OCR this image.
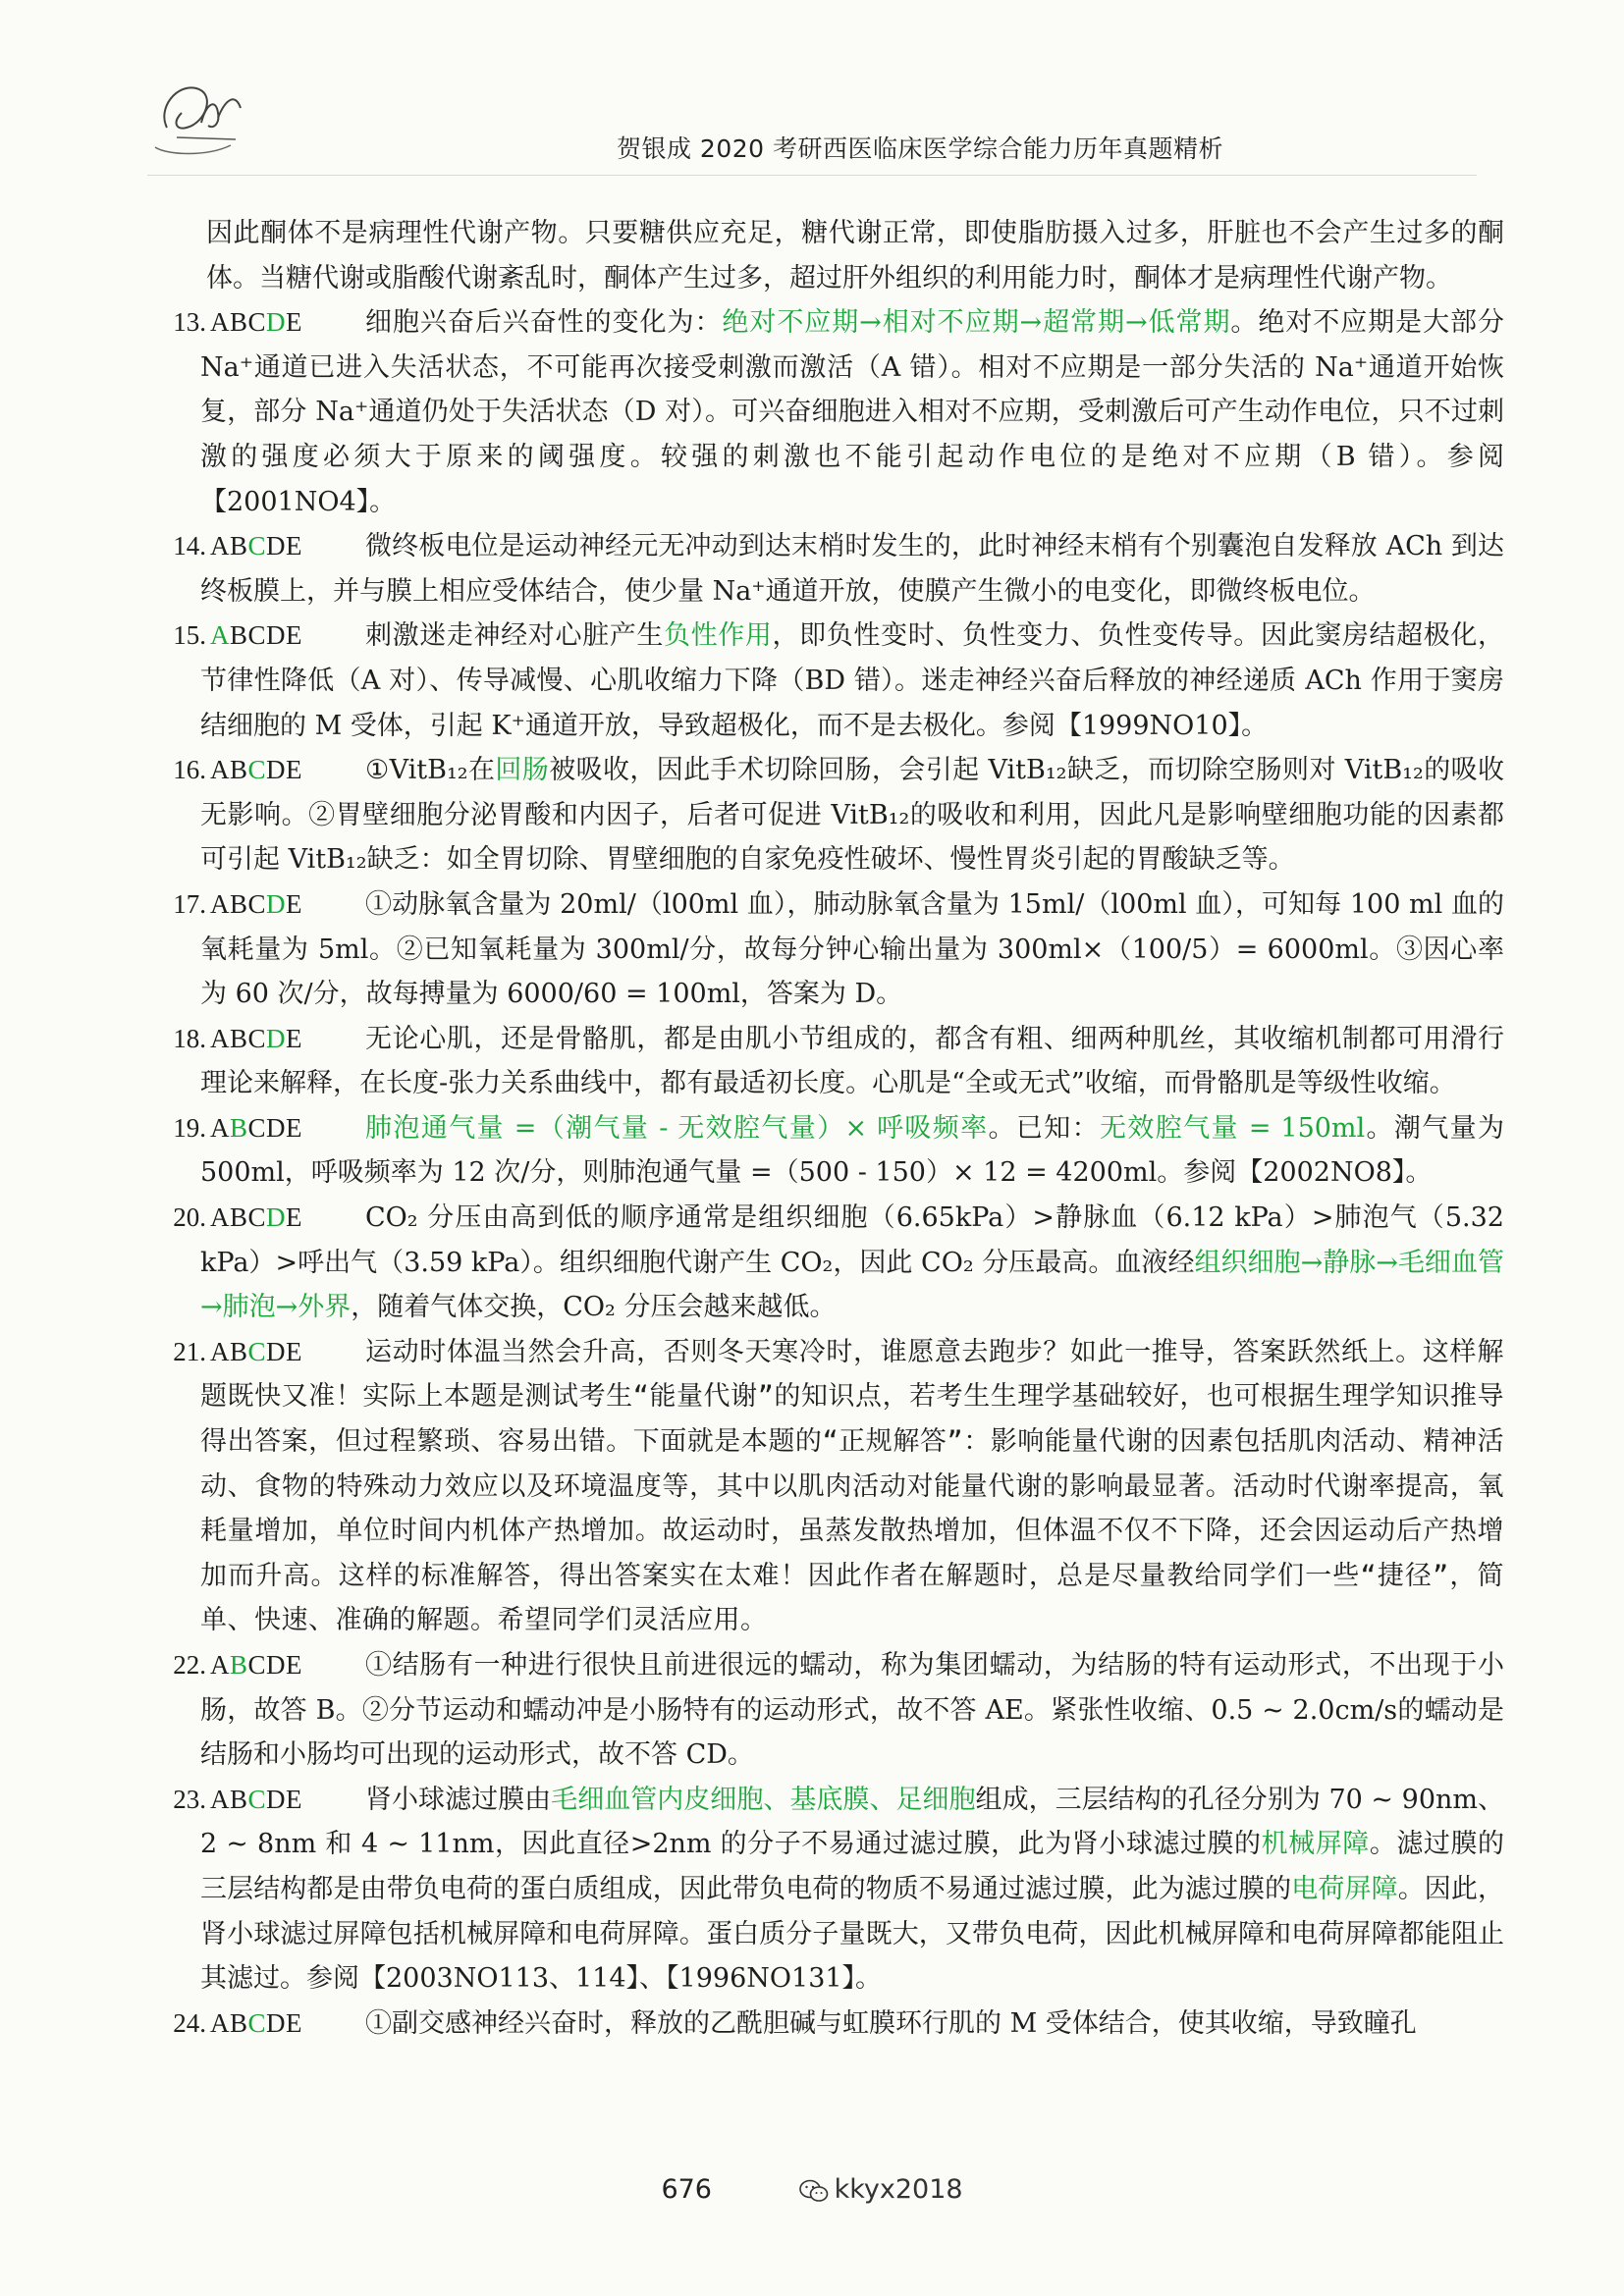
贺银成 2020 考研西医临床医学综合能力历年真题精析

因此酮体不是病理性代谢产物。只要糖供应充足，糖代谢正常，即使脂肪摄入过多，肝脏也不会产生过多的酮体。当糖代谢或脂酸代谢紊乱时，酮体产生过多，超过肝外组织的利用能力时，酮体才是病理性代谢产物。

13. ABCDE	细胞兴奋后兴奋性的变化为：绝对不应期→相对不应期→超常期→低常期。绝对不应期是大部分 Na⁺通道已进入失活状态，不可能再次接受刺激而激活（A 错）。相对不应期是一部分失活的 Na⁺通道开始恢复，部分 Na⁺通道仍处于失活状态（D 对）。可兴奋细胞进入相对不应期，受刺激后可产生动作电位，只不过刺激的强度必须大于原来的阈强度。较强的刺激也不能引起动作电位的是绝对不应期（B 错）。参阅【2001NO4】。
14. ABCDE	微终板电位是运动神经元无冲动到达末梢时发生的，此时神经末梢有个别囊泡自发释放 ACh 到达终板膜上，并与膜上相应受体结合，使少量 Na⁺通道开放，使膜产生微小的电变化，即微终板电位。
15. ABCDE	刺激迷走神经对心脏产生负性作用，即负性变时、负性变力、负性变传导。因此窦房结超极化，节律性降低（A 对）、传导减慢、心肌收缩力下降（BD 错）。迷走神经兴奋后释放的神经递质 ACh 作用于窦房结细胞的 M 受体，引起 K⁺通道开放，导致超极化，而不是去极化。参阅【1999NO10】。
16. ABCDE	①VitB₁₂在回肠被吸收，因此手术切除回肠，会引起 VitB₁₂缺乏，而切除空肠则对 VitB₁₂的吸收无影响。②胃壁细胞分泌胃酸和内因子，后者可促进 VitB₁₂的吸收和利用，因此凡是影响壁细胞功能的因素都可引起 VitB₁₂缺乏：如全胃切除、胃壁细胞的自家免疫性破坏、慢性胃炎引起的胃酸缺乏等。
17. ABCDE	①动脉氧含量为 20ml/（l00ml 血），肺动脉氧含量为 15ml/（l00ml 血），可知每 100 ml 血的氧耗量为 5ml。②已知氧耗量为 300ml/分，故每分钟心输出量为 300ml×（100/5）= 6000ml。③因心率为 60 次/分，故每搏量为 6000/60 = 100ml，答案为 D。
18. ABCDE	无论心肌，还是骨骼肌，都是由肌小节组成的，都含有粗、细两种肌丝，其收缩机制都可用滑行理论来解释，在长度-张力关系曲线中，都有最适初长度。心肌是“全或无式”收缩，而骨骼肌是等级性收缩。
19. ABCDE	肺泡通气量 =（潮气量 - 无效腔气量）× 呼吸频率。已知：无效腔气量 = 150ml。潮气量为 500ml，呼吸频率为 12 次/分，则肺泡通气量 =（500 - 150）× 12 = 4200ml。参阅【2002NO8】。
20. ABCDE	CO₂ 分压由高到低的顺序通常是组织细胞（6.65kPa）>静脉血（6.12 kPa）>肺泡气（5.32 kPa）>呼出气（3.59 kPa）。组织细胞代谢产生 CO₂，因此 CO₂ 分压最高。血液经组织细胞→静脉→毛细血管→肺泡→外界，随着气体交换，CO₂ 分压会越来越低。
21. ABCDE	运动时体温当然会升高，否则冬天寒冷时，谁愿意去跑步？如此一推导，答案跃然纸上。这样解题既快又准！实际上本题是测试考生“能量代谢”的知识点，若考生生理学基础较好，也可根据生理学知识推导得出答案，但过程繁琐、容易出错。下面就是本题的“正规解答”：影响能量代谢的因素包括肌肉活动、精神活动、食物的特殊动力效应以及环境温度等，其中以肌肉活动对能量代谢的影响最显著。活动时代谢率提高，氧耗量增加，单位时间内机体产热增加。故运动时，虽蒸发散热增加，但体温不仅不下降，还会因运动后产热增加而升高。这样的标准解答，得出答案实在太难！因此作者在解题时，总是尽量教给同学们一些“捷径”，简单、快速、准确的解题。希望同学们灵活应用。
22. ABCDE	①结肠有一种进行很快且前进很远的蠕动，称为集团蠕动，为结肠的特有运动形式，不出现于小肠，故答 B。②分节运动和蠕动冲是小肠特有的运动形式，故不答 AE。紧张性收缩、0.5 ~ 2.0cm/s的蠕动是结肠和小肠均可出现的运动形式，故不答 CD。
23. ABCDE	肾小球滤过膜由毛细血管内皮细胞、基底膜、足细胞组成，三层结构的孔径分别为 70 ~ 90nm、2 ~ 8nm 和 4 ~ 11nm，因此直径>2nm 的分子不易通过滤过膜，此为肾小球滤过膜的机械屏障。滤过膜的三层结构都是由带负电荷的蛋白质组成，因此带负电荷的物质不易通过滤过膜，此为滤过膜的电荷屏障。因此，肾小球滤过屏障包括机械屏障和电荷屏障。蛋白质分子量既大，又带负电荷，因此机械屏障和电荷屏障都能阻止其滤过。参阅【2003NO113、114】、【1996NO131】。
24. ABCDE	①副交感神经兴奋时，释放的乙酰胆碱与虹膜环行肌的 M 受体结合，使其收缩，导致瞳孔
676	kkyx2018
